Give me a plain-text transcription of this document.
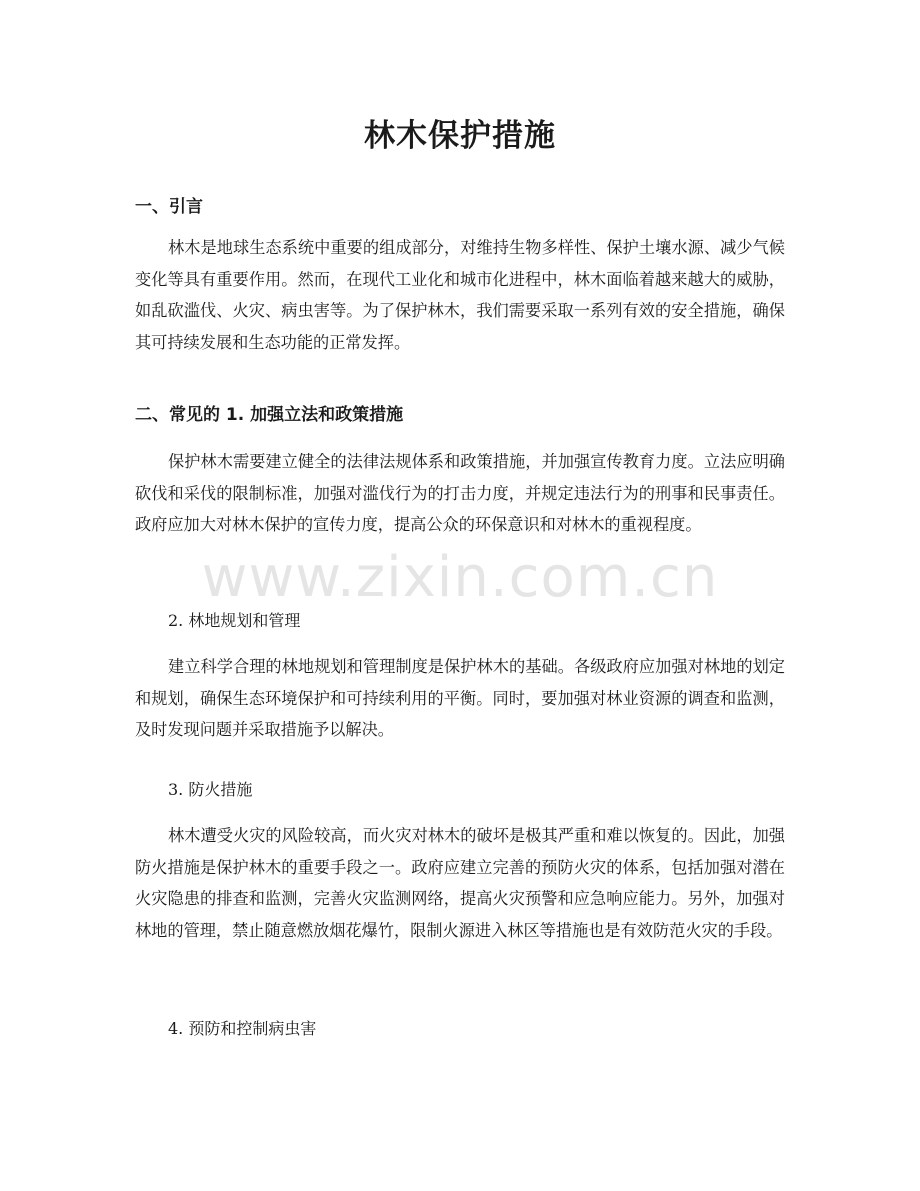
林木保护措施
一、引言

林木是地球生态系统中重要的组成部分，对维持生物多样性、保护土壤水源、减少气候变化等具有重要作用。然而，在现代工业化和城市化进程中，林木面临着越来越大的威胁，如乱砍滥伐、火灾、病虫害等。为了保护林木，我们需要采取一系列有效的安全措施，确保其可持续发展和生态功能的正常发挥。

二、常见的 1. 加强立法和政策措施

保护林木需要建立健全的法律法规体系和政策措施，并加强宣传教育力度。立法应明确砍伐和采伐的限制标准，加强对滥伐行为的打击力度，并规定违法行为的刑事和民事责任。政府应加大对林木保护的宣传力度，提高公众的环保意识和对林木的重视程度。

2. 林地规划和管理

建立科学合理的林地规划和管理制度是保护林木的基础。各级政府应加强对林地的划定和规划，确保生态环境保护和可持续利用的平衡。同时，要加强对林业资源的调查和监测，及时发现问题并采取措施予以解决。

3. 防火措施

林木遭受火灾的风险较高，而火灾对林木的破坏是极其严重和难以恢复的。因此，加强防火措施是保护林木的重要手段之一。政府应建立完善的预防火灾的体系，包括加强对潜在火灾隐患的排查和监测，完善火灾监测网络，提高火灾预警和应急响应能力。另外，加强对林地的管理，禁止随意燃放烟花爆竹，限制火源进入林区等措施也是有效防范火灾的手段。

4. 预防和控制病虫害
www.zixin.com.cn
